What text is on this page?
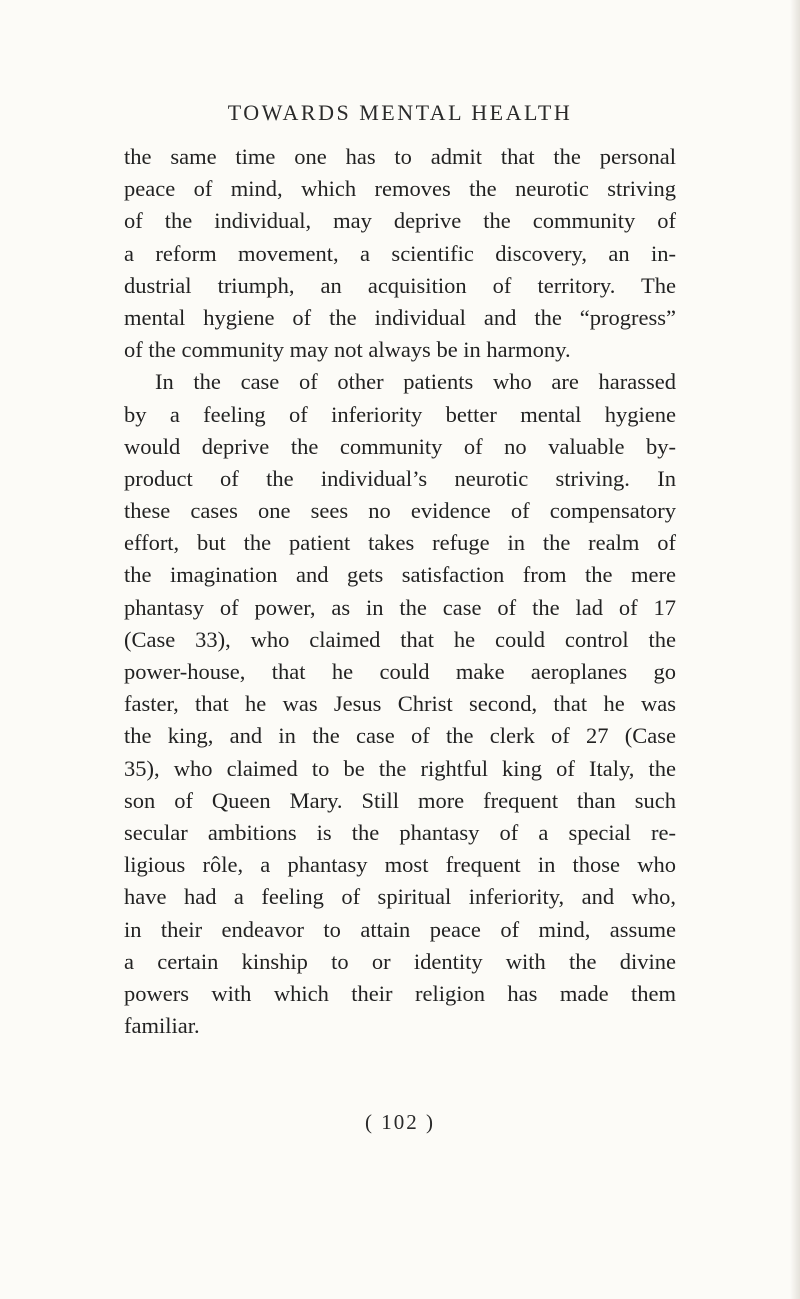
TOWARDS MENTAL HEALTH
the same time one has to admit that the personal
peace of mind, which removes the neurotic striving
of the individual, may deprive the community of
a reform movement, a scientific discovery, an in-
dustrial triumph, an acquisition of territory. The
mental hygiene of the individual and the “progress”
of the community may not always be in harmony.
In the case of other patients who are harassed
by a feeling of inferiority better mental hygiene
would deprive the community of no valuable by-
product of the individual’s neurotic striving. In
these cases one sees no evidence of compensatory
effort, but the patient takes refuge in the realm of
the imagination and gets satisfaction from the mere
phantasy of power, as in the case of the lad of 17
(Case 33), who claimed that he could control the
power-house, that he could make aeroplanes go
faster, that he was Jesus Christ second, that he was
the king, and in the case of the clerk of 27 (Case
35), who claimed to be the rightful king of Italy, the
son of Queen Mary. Still more frequent than such
secular ambitions is the phantasy of a special re-
ligious rôle, a phantasy most frequent in those who
have had a feeling of spiritual inferiority, and who,
in their endeavor to attain peace of mind, assume
a certain kinship to or identity with the divine
powers with which their religion has made them
familiar.
( 102 )
